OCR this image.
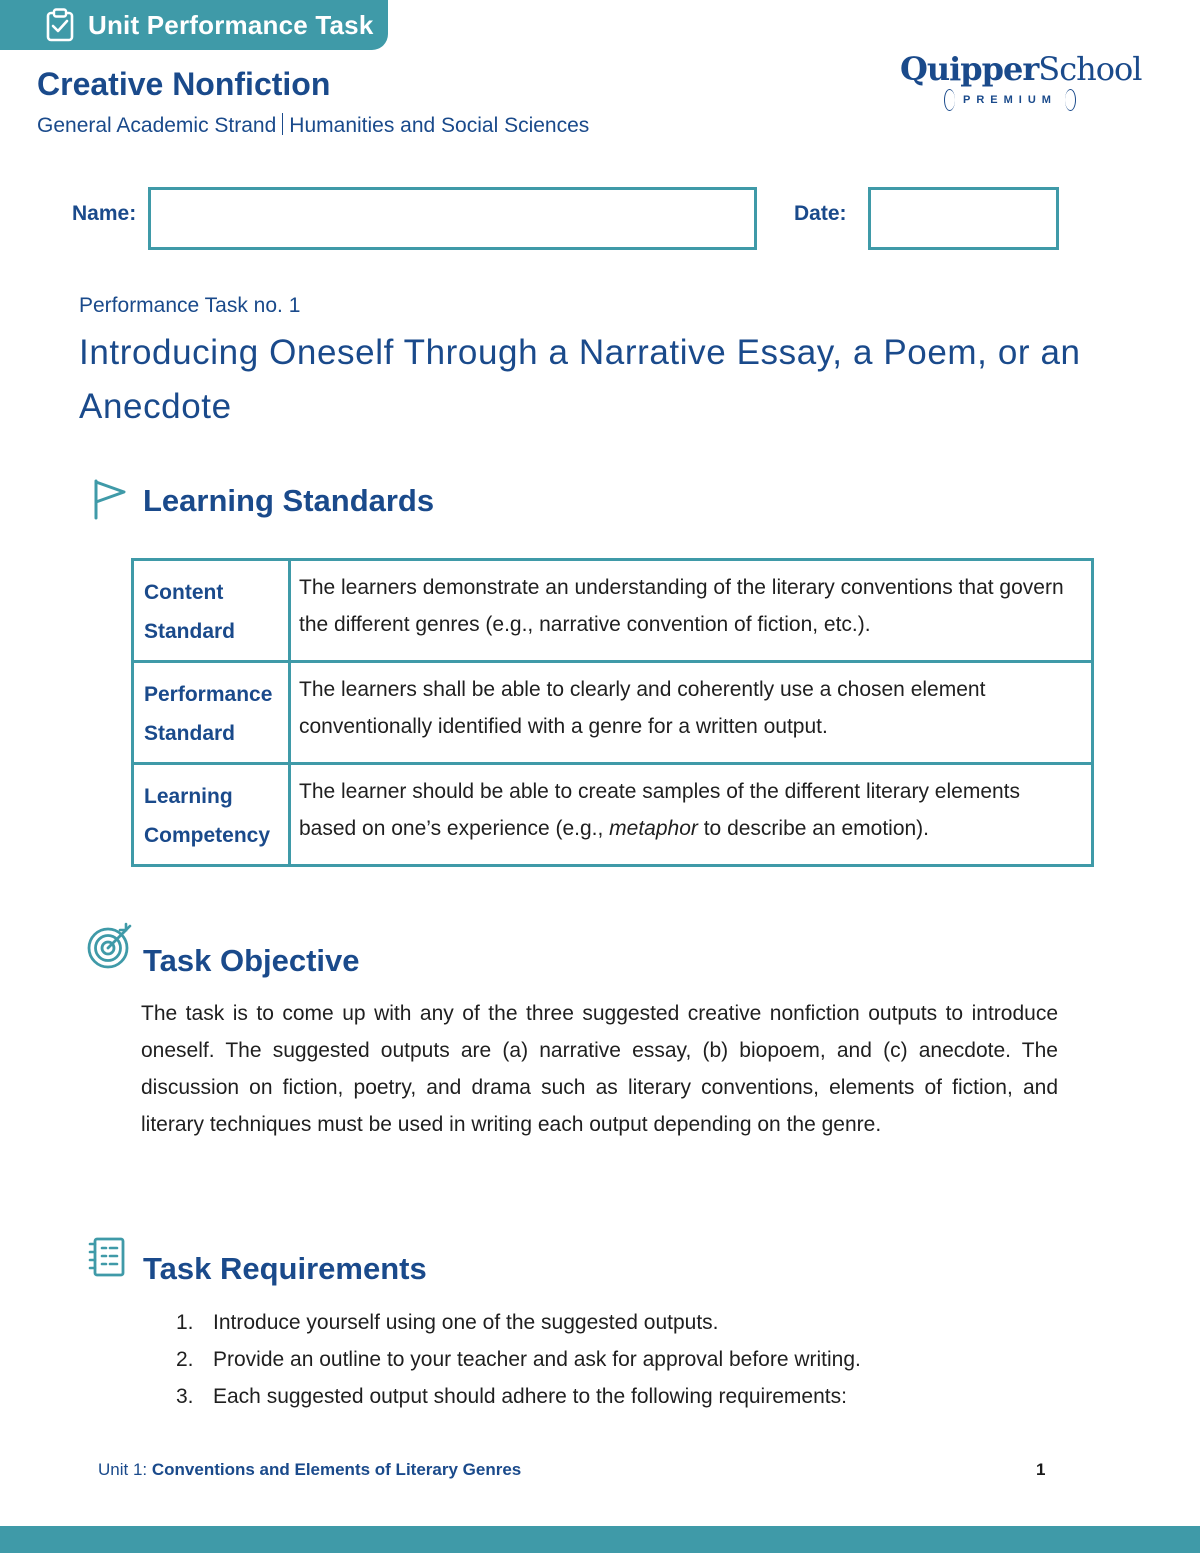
Unit Performance Task
Creative Nonfiction
General Academic Strand Humanities and Social Sciences
QuipperSchool
PREMIUM
Name:	Date:
Performance Task no. 1
Introducing Oneself Through a Narrative Essay, a Poem, or an Anecdote
Learning Standards
Content
Standard	The learners demonstrate an understanding of the literary conventions that govern the different genres (e.g., narrative convention of fiction, etc.).
Performance
Standard	The learners shall be able to clearly and coherently use a chosen element conventionally identified with a genre for a written output.
Learning
Competency	The learner should be able to create samples of the different literary elements based on one’s experience (e.g., metaphor to describe an emotion).
Task Objective
The task is to come up with any of the three suggested creative nonfiction outputs to introduce oneself. The suggested outputs are (a) narrative essay, (b) biopoem, and (c) anecdote. The discussion on fiction, poetry, and drama such as literary conventions, elements of fiction, and literary techniques must be used in writing each output depending on the genre.
Task Requirements
1. Introduce yourself using one of the suggested outputs.
2. Provide an outline to your teacher and ask for approval before writing.
3. Each suggested output should adhere to the following requirements:
Unit 1: Conventions and Elements of Literary Genres	1
